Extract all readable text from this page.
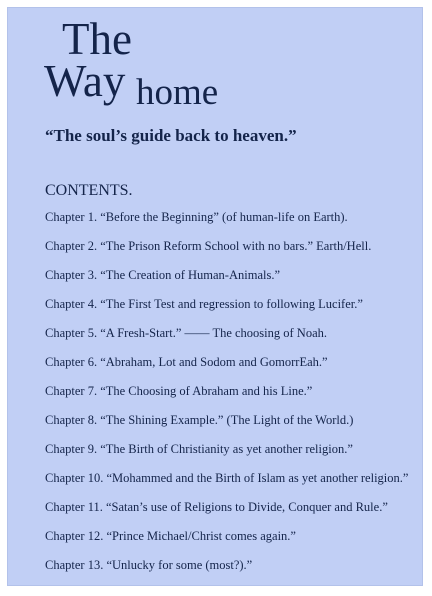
The
Way home
“The soul’s guide back to heaven.”
CONTENTS.
Chapter 1. “Before the Beginning” (of human-life on Earth).
Chapter 2. “The Prison Reform School with no bars.” Earth/Hell.
Chapter 3. “The Creation of Human-Animals.”
Chapter 4. “The First Test and regression to following Lucifer.”
Chapter 5. “A Fresh-Start.” —— The choosing of Noah.
Chapter 6. “Abraham, Lot and Sodom and GomorrEah.”
Chapter 7. “The Choosing of Abraham and his Line.”
Chapter 8. “The Shining Example.” (The Light of the World.)
Chapter 9. “The Birth of Christianity as yet another religion.”
Chapter 10. “Mohammed and the Birth of Islam as yet another religion.”
Chapter 11. “Satan’s use of Religions to Divide, Conquer and Rule.”
Chapter 12. “Prince Michael/Christ comes again.”
Chapter 13. “Unlucky for some (most?).”
